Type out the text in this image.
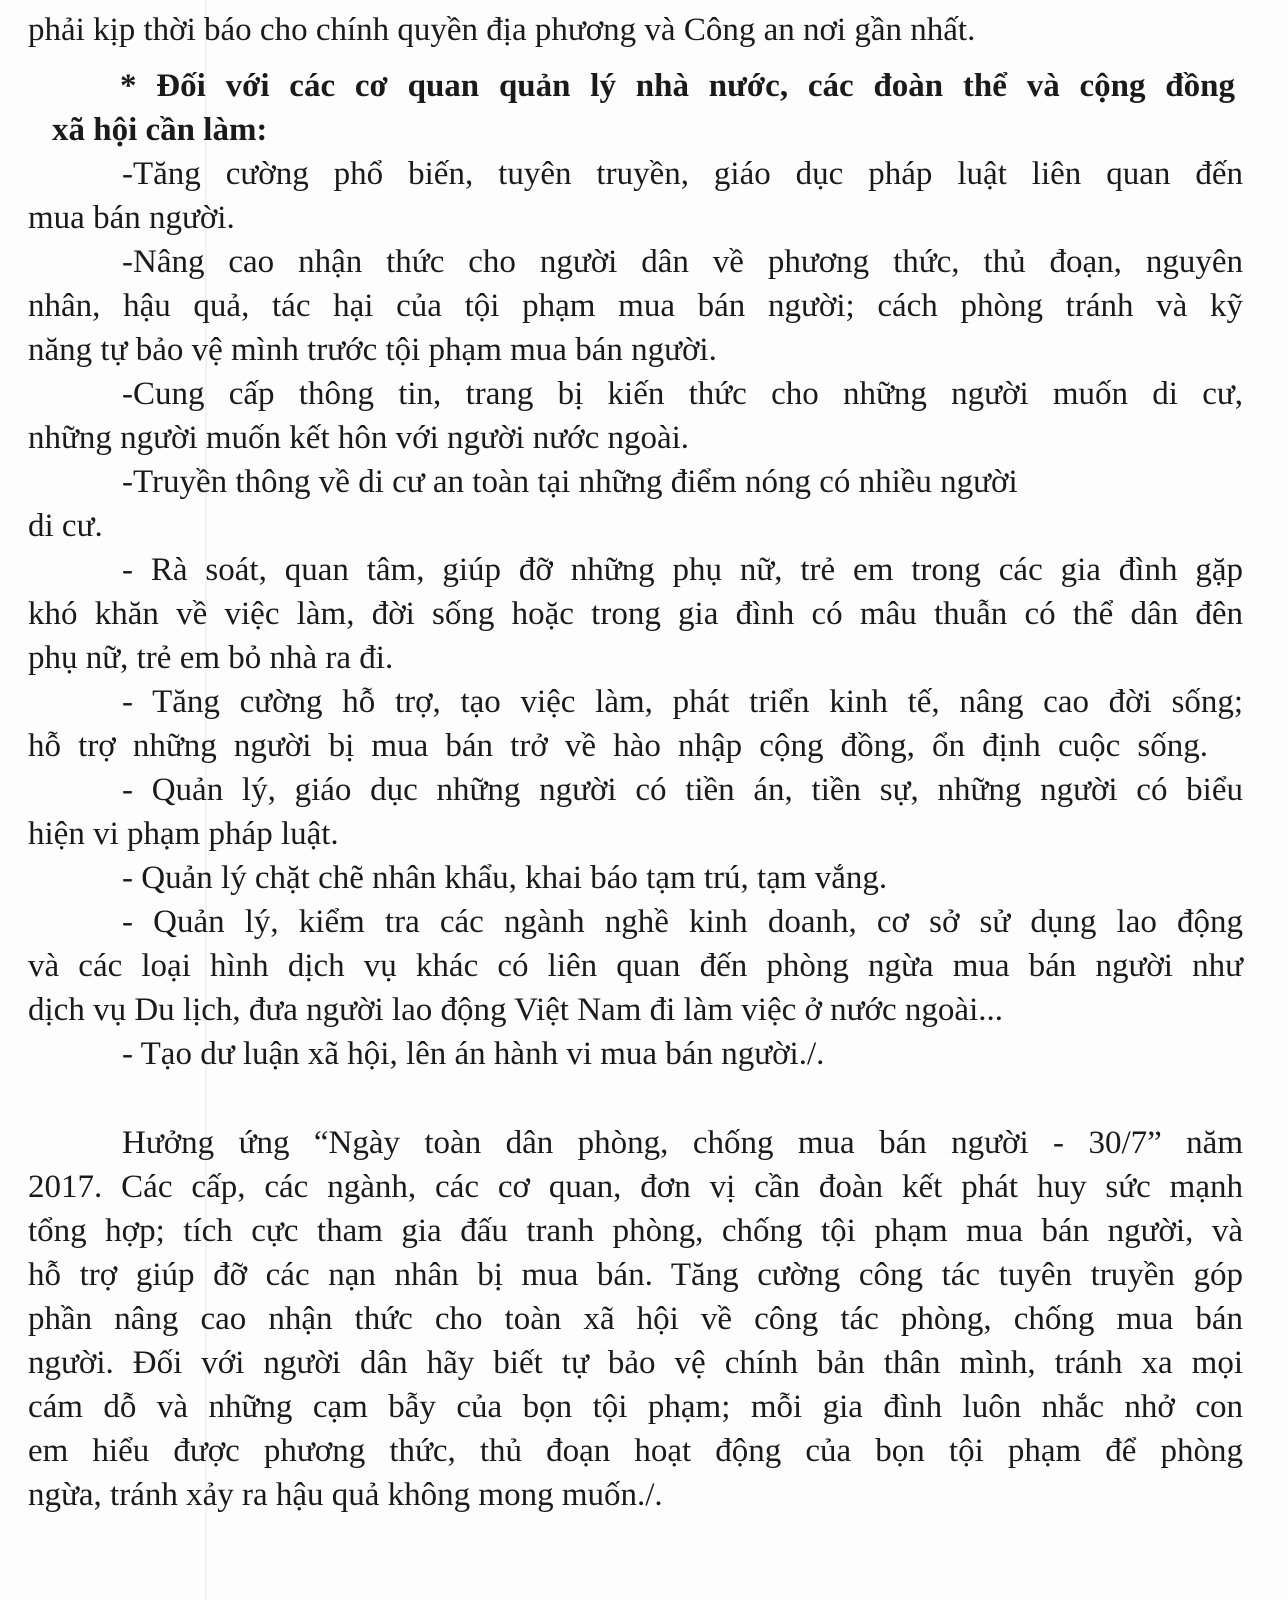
phải kịp thời báo cho chính quyền địa phương và Công an nơi gần nhất.
* Đối với các cơ quan quản lý nhà nước, các đoàn thể và cộng đồng
xã hội cần làm:
-Tăng cường phổ biến, tuyên truyền, giáo dục pháp luật liên quan đến
mua bán người.
-Nâng cao nhận thức cho người dân về phương thức, thủ đoạn, nguyên
nhân, hậu quả, tác hại của tội phạm mua bán người; cách phòng tránh và kỹ
năng tự bảo vệ mình trước tội phạm mua bán người.
-Cung cấp thông tin, trang bị kiến thức cho những người muốn di cư,
những người muốn kết hôn với người nước ngoài.
-Truyền thông về di cư an toàn tại những điểm nóng có nhiều người
di cư.
- Rà soát, quan tâm, giúp đỡ những phụ nữ, trẻ em trong các gia đình gặp
khó khăn về việc làm, đời sống hoặc trong gia đình có mâu thuẫn có thể dân đên
phụ nữ, trẻ em bỏ nhà ra đi.
- Tăng cường hỗ trợ, tạo việc làm, phát triển kinh tế, nâng cao đời sống;
hỗ trợ những người bị mua bán trở về hào nhập cộng đồng, ổn định cuộc sống.
- Quản lý, giáo dục những người có tiền án, tiền sự, những người có biểu
hiện vi phạm pháp luật.
- Quản lý chặt chẽ nhân khẩu, khai báo tạm trú, tạm vắng.
- Quản lý, kiểm tra các ngành nghề kinh doanh, cơ sở sử dụng lao động
và các loại hình dịch vụ khác có liên quan đến phòng ngừa mua bán người như
dịch vụ Du lịch, đưa người lao động Việt Nam đi làm việc ở nước ngoài...
- Tạo dư luận xã hội, lên án hành vi mua bán người./.
Hưởng ứng “Ngày toàn dân phòng, chống mua bán người - 30/7” năm
2017. Các cấp, các ngành, các cơ quan, đơn vị cần đoàn kết phát huy sức mạnh
tổng hợp; tích cực tham gia đấu tranh phòng, chống tội phạm mua bán người, và
hỗ trợ giúp đỡ các nạn nhân bị mua bán. Tăng cường công tác tuyên truyền góp
phần nâng cao nhận thức cho toàn xã hội về công tác phòng, chống mua bán
người. Đối với người dân hãy biết tự bảo vệ chính bản thân mình, tránh xa mọi
cám dỗ và những cạm bẫy của bọn tội phạm; mỗi gia đình luôn nhắc nhở con
em hiểu được phương thức, thủ đoạn hoạt động của bọn tội phạm để phòng
ngừa, tránh xảy ra hậu quả không mong muốn./.
